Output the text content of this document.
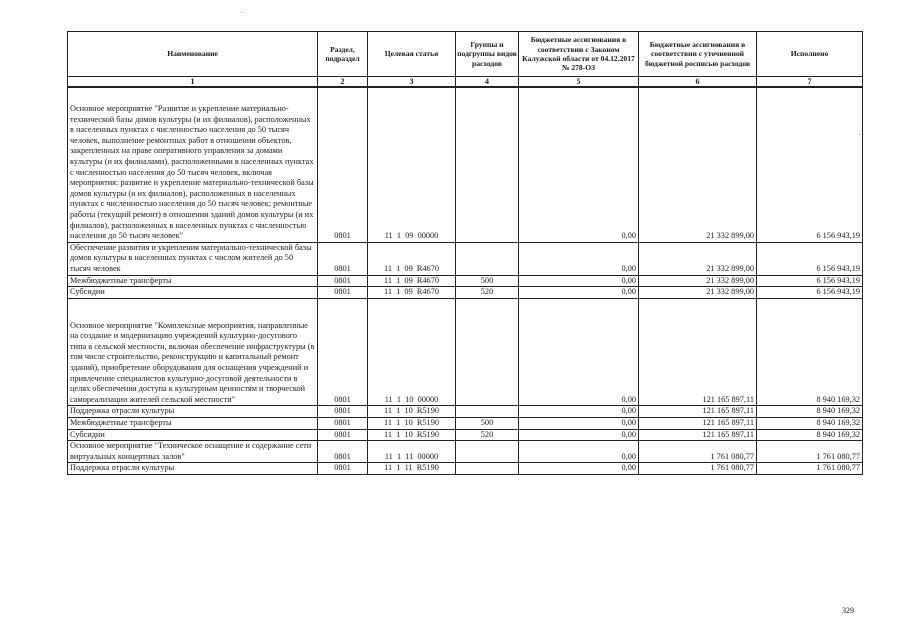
Наименование	Раздел, подраздел	Целевая статья	Группы и подгруппы видов расходов	Бюджетные ассигнования в соответствии с Законом Калужской области от 04.12.2017 № 278-ОЗ	Бюджетные ассигнования в соответствии с уточненной бюджетной росписью расходов	Исполнено
1	2	3	4	5	6	7
Основное мероприятие "Развитие и укрепление материально-технической базы домов культуры (и их филиалов), расположенных в населенных пунктах с численностью населения до 50 тысяч человек, выполнение ремонтных работ в отношении объектов, закрепленных на праве оперативного управления за домами культуры (и их филиалами), расположенными в населенных пунктах с численностью населения до 50 тысяч человек, включая мероприятия: развитие и укрепление материально-технической базы домов культуры (и их филиалов), расположенных в населенных пунктах с численностью населения до 50 тысяч человек; ремонтные работы (текущий ремонт) в отношении зданий домов культуры (и их филиалов), расположенных в населенных пунктах с численностью населения до 50 тысяч человек"	0801	11  1  09  00000		0,00	21 332 899,00	6 156 943,19
Обеспечение развития и укрепления материально-технической базы домов культуры в населенных пунктах с числом жителей до 50 тысяч человек	0801	11  1  09  R4670		0,00	21 332 899,00	6 156 943,19
Межбюджетные трансферты	0801	11  1  09  R4670	500	0,00	21 332 899,00	6 156 943,19
Субсидии	0801	11  1  09  R4670	520	0,00	21 332 899,00	6 156 943,19
Основное мероприятие "Комплексные мероприятия, направленные на создание и модернизацию учреждений культурно-досугового типа в сельской местности, включая обеспечение инфраструктуры (в том числе строительство, реконструкцию и капитальный ремонт зданий), приобретение оборудования для оснащения учреждений и привлечение специалистов культурно-досуговой деятельности в целях обеспечения доступа к культурным ценностям и творческой самореализации жителей сельской местности"	0801	11  1  10  00000		0,00	121 165 897,11	8 940 169,32
Поддержка отрасли культуры	0801	11  1  10  R5190		0,00	121 165 897,11	8 940 169,32
Межбюджетные трансферты	0801	11  1  10  R5190	500	0,00	121 165 897,11	8 940 169,32
Субсидии	0801	11  1  10  R5190	520	0,00	121 165 897,11	8 940 169,32
Основное мероприятие "Техническое оснащение и содержание сети виртуальных концертных залов"	0801	11  1  11  00000		0,00	1 761 080,77	1 761 080,77
Поддержка отрасли культуры	0801	11  1  11  R5190		0,00	1 761 080,77	1 761 080,77
329
